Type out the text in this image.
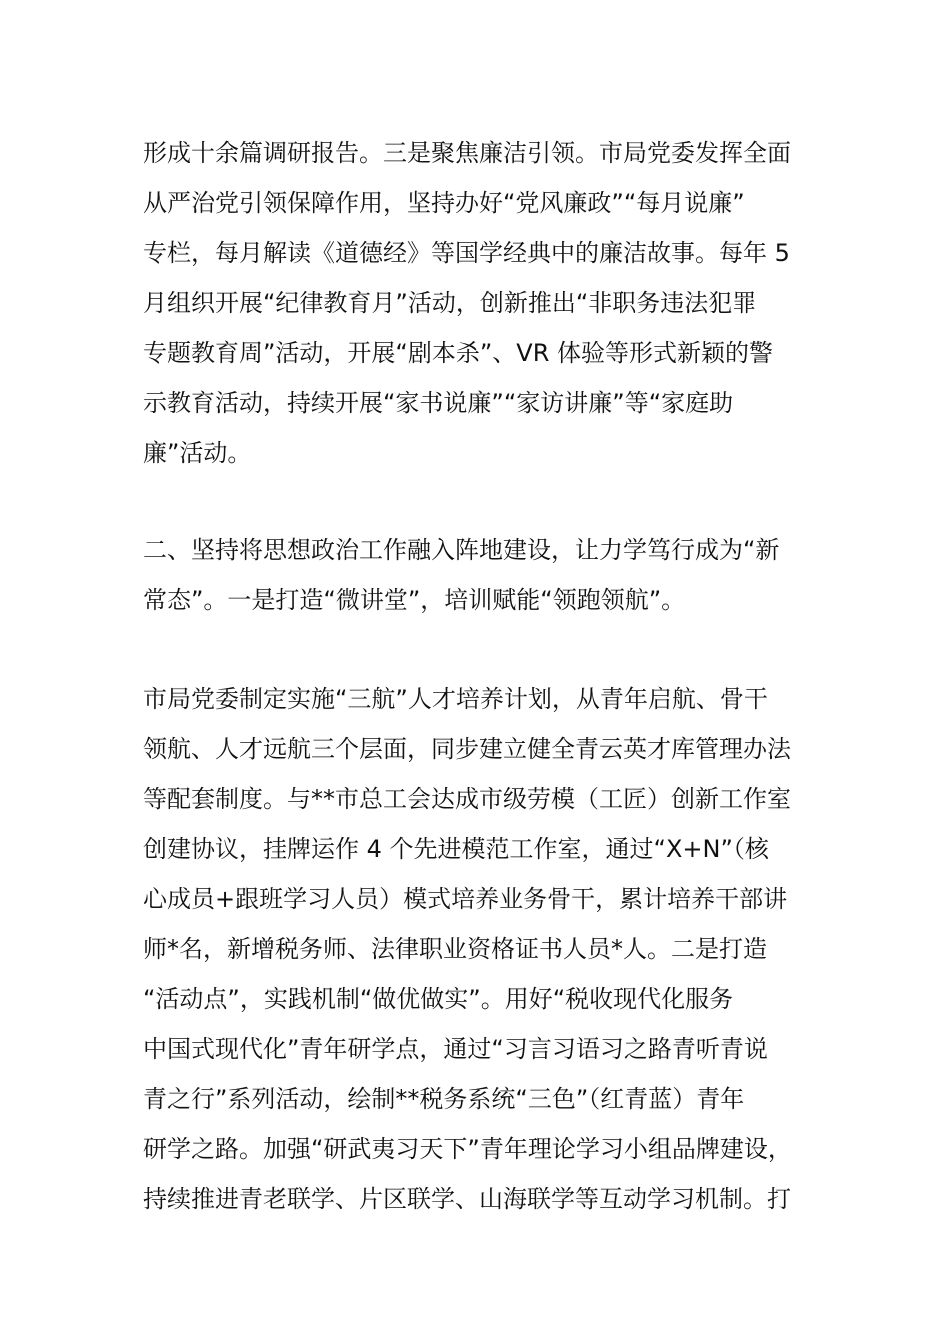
形成十余篇调研报告。三是聚焦廉洁引领。市局党委发挥全面
从严治党引领保障作用，坚持办好“党风廉政”“每月说廉”
专栏，每月解读《道德经》等国学经典中的廉洁故事。每年 5
月组织开展“纪律教育月”活动，创新推出“非职务违法犯罪
专题教育周”活动，开展“剧本杀”、VR 体验等形式新颖的警
示教育活动，持续开展“家书说廉”“家访讲廉”等“家庭助
廉”活动。
二、坚持将思想政治工作融入阵地建设，让力学笃行成为“新
常态”。一是打造“微讲堂”，培训赋能“领跑领航”。
市局党委制定实施“三航”人才培养计划，从青年启航、骨干
领航、人才远航三个层面，同步建立健全青云英才库管理办法
等配套制度。与**市总工会达成市级劳模（工匠）创新工作室
创建协议，挂牌运作 4 个先进模范工作室，通过“X+N”（核
心成员+跟班学习人员）模式培养业务骨干，累计培养干部讲
师*名，新增税务师、法律职业资格证书人员*人。二是打造
“活动点”，实践机制“做优做实”。用好“税收现代化服务
中国式现代化”青年研学点，通过“习言习语习之路青听青说
青之行”系列活动，绘制**税务系统“三色”（红青蓝）青年
研学之路。加强“研武夷习天下”青年理论学习小组品牌建设，
持续推进青老联学、片区联学、山海联学等互动学习机制。打
